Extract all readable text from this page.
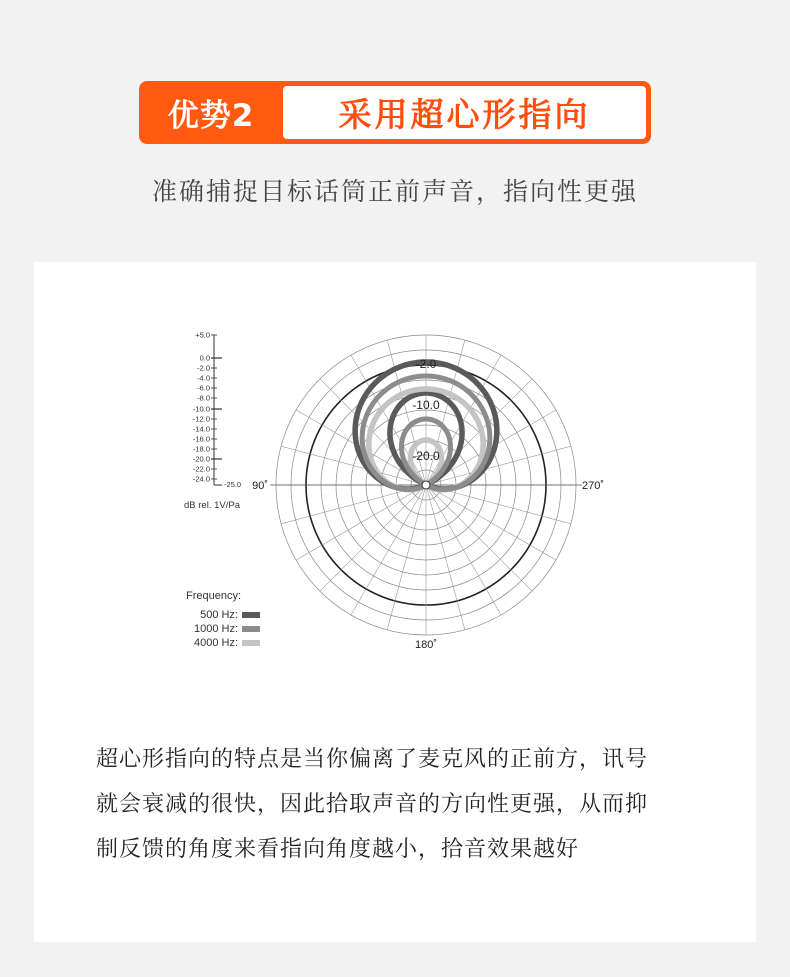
优势2	采用超心形指向
准确捕捉目标话筒正前声音，指向性更强
+5.0
0.0
-2.0
-4.0
-6.0
-8.0
-10.0
-12.0
-14.0
-16.0
-18.0
-20.0
-22.0
-24.0
-25.0
dB rel. 1V/Pa
-2.0
-10.0
-20.0
90˚	270˚
180˚
Frequency:
500 Hz:
1000 Hz:
4000 Hz:
超心形指向的特点是当你偏离了麦克风的正前方，讯号
就会衰减的很快，因此拾取声音的方向性更强，从而抑
制反馈的角度来看指向角度越小，拾音效果越好
